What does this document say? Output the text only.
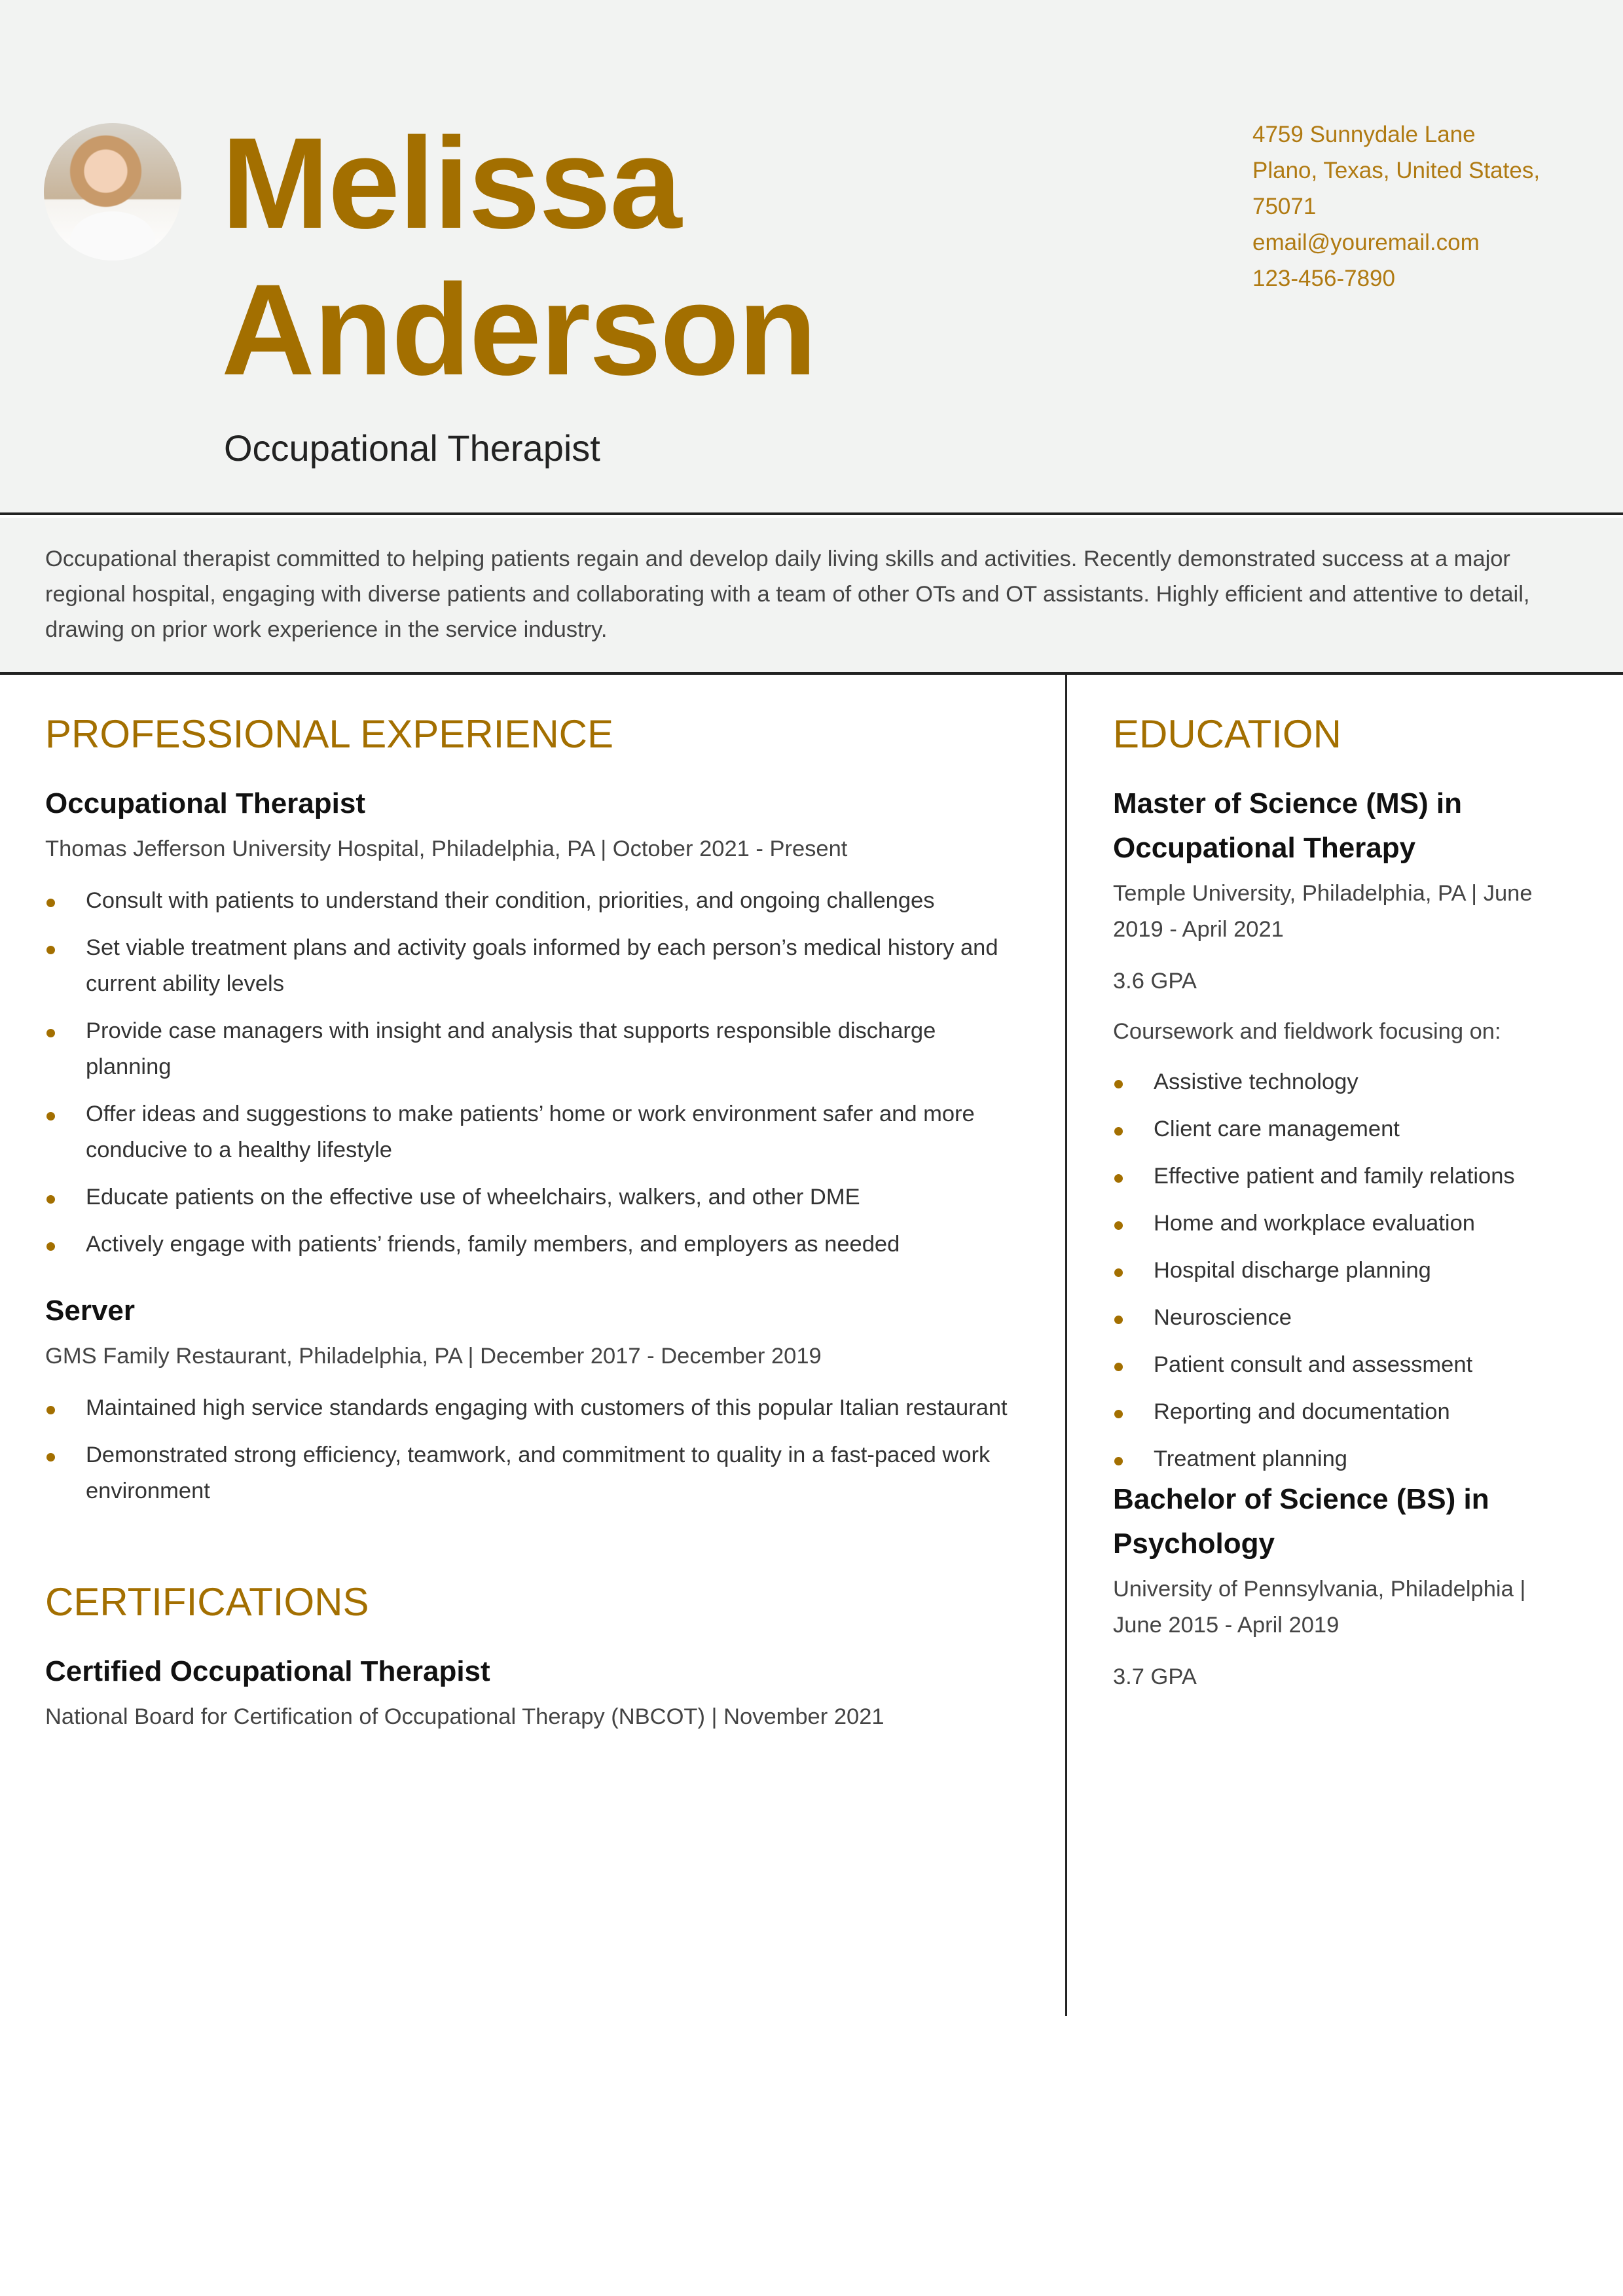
Melissa
Anderson
Occupational Therapist
4759 Sunnydale Lane
Plano, Texas, United States,
75071
email@youremail.com
123-456-7890
Occupational therapist committed to helping patients regain and develop daily living skills and activities. Recently demonstrated success at a major regional hospital, engaging with diverse patients and collaborating with a team of other OTs and OT assistants. Highly efficient and attentive to detail, drawing on prior work experience in the service industry.
PROFESSIONAL EXPERIENCE
Occupational Therapist
Thomas Jefferson University Hospital, Philadelphia, PA | October 2021 - Present
Consult with patients to understand their condition, priorities, and ongoing challenges
Set viable treatment plans and activity goals informed by each person’s medical history and current ability levels
Provide case managers with insight and analysis that supports responsible discharge planning
Offer ideas and suggestions to make patients’ home or work environment safer and more conducive to a healthy lifestyle
Educate patients on the effective use of wheelchairs, walkers, and other DME
Actively engage with patients’ friends, family members, and employers as needed
Server
GMS Family Restaurant, Philadelphia, PA | December 2017 - December 2019
Maintained high service standards engaging with customers of this popular Italian restaurant
Demonstrated strong efficiency, teamwork, and commitment to quality in a fast-paced work environment
CERTIFICATIONS
Certified Occupational Therapist
National Board for Certification of Occupational Therapy (NBCOT) | November 2021
EDUCATION
Master of Science (MS) in Occupational Therapy
Temple University, Philadelphia, PA | June 2019 - April 2021
3.6 GPA
Coursework and fieldwork focusing on:
Assistive technology
Client care management
Effective patient and family relations
Home and workplace evaluation
Hospital discharge planning
Neuroscience
Patient consult and assessment
Reporting and documentation
Treatment planning
Bachelor of Science (BS) in Psychology
University of Pennsylvania, Philadelphia | June 2015 - April 2019
3.7 GPA
